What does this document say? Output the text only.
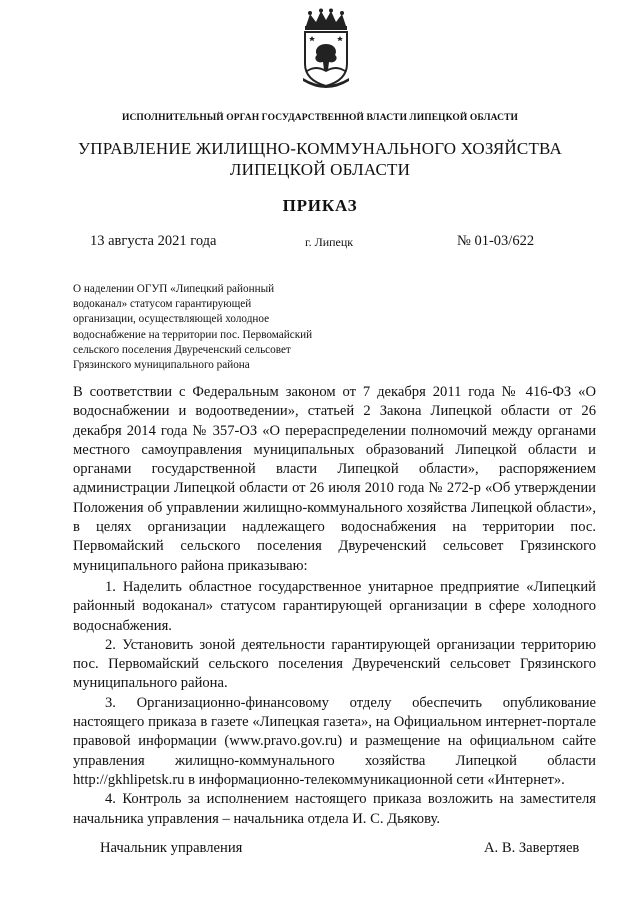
ИСПОЛНИТЕЛЬНЫЙ ОРГАН ГОСУДАРСТВЕННОЙ ВЛАСТИ ЛИПЕЦКОЙ ОБЛАСТИ
УПРАВЛЕНИЕ ЖИЛИЩНО-КОММУНАЛЬНОГО ХОЗЯЙСТВА
ЛИПЕЦКОЙ ОБЛАСТИ
ПРИКАЗ
13 августа 2021 года	г. Липецк	№ 01-03/622
О наделении ОГУП «Липецкий районный
водоканал» статусом гарантирующей
организации, осуществляющей холодное
водоснабжение на территории пос. Первомайский
сельского поселения Двуреченский сельсовет
Грязинского муниципального района
В соответствии с Федеральным законом от 7 декабря 2011 года № 416-ФЗ «О водоснабжении и водоотведении», статьей 2 Закона Липецкой области от 26 декабря 2014 года № 357-ОЗ «О перераспределении полномочий между органами местного самоуправления муниципальных образований Липецкой области и органами государственной власти Липецкой области», распоряжением администрации Липецкой области от 26 июля 2010 года № 272-р «Об утверждении Положения об управлении жилищно-коммунального хозяйства Липецкой области», в целях организации надлежащего водоснабжения на территории пос. Первомайский сельского поселения Двуреченский сельсовет Грязинского муниципального района приказываю:

1. Наделить областное государственное унитарное предприятие «Липецкий районный водоканал» статусом гарантирующей организации в сфере холодного водоснабжения.

2. Установить зоной деятельности гарантирующей организации территорию пос. Первомайский сельского поселения Двуреченский сельсовет Грязинского муниципального района.

3. Организационно-финансовому отделу обеспечить опубликование настоящего приказа в газете «Липецкая газета», на Официальном интернет-портале правовой информации (www.pravo.gov.ru) и размещение на официальном сайте управления жилищно-коммунального хозяйства Липецкой области http://gkhlipetsk.ru в информационно-телекоммуникационной сети «Интернет».

4. Контроль за исполнением настоящего приказа возложить на заместителя начальника управления – начальника отдела И. С. Дьякову.

Начальник управления	А. В. Завертяев
